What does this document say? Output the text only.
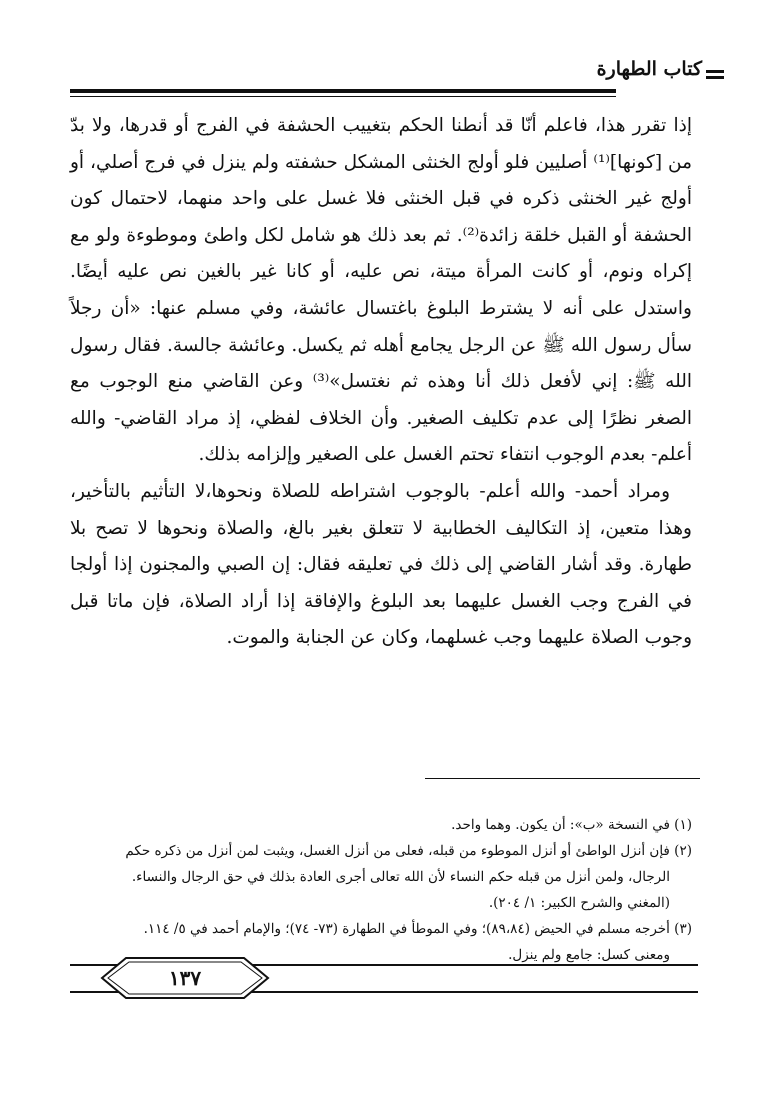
كتاب الطهارة

إذا تقرر هذا، فاعلم أنّا قد أنطنا الحكم بتغييب الحشفة في الفرج أو قدرها، ولا بدّ من [كونها]⁽¹⁾ أصليين فلو أولج الخنثى المشكل حشفته ولم ينزل في فرج أصلي، أو أولج غير الخنثى ذكره في قبل الخنثى فلا غسل على واحد منهما، لاحتمال كون الحشفة أو القبل خلقة زائدة⁽²⁾. ثم بعد ذلك هو شامل لكل واطئ وموطوءة ولو مع إكراه ونوم، أو كانت المرأة ميتة، نص عليه، أو كانا غير بالغين نص عليه أيضًا. واستدل على أنه لا يشترط البلوغ باغتسال عائشة، وفي مسلم عنها: «أن رجلاً سأل رسول الله ﷺ عن الرجل يجامع أهله ثم يكسل. وعائشة جالسة. فقال رسول الله ﷺ: إني لأفعل ذلك أنا وهذه ثم نغتسل»⁽³⁾ وعن القاضي منع الوجوب مع الصغر نظرًا إلى عدم تكليف الصغير. وأن الخلاف لفظي، إذ مراد القاضي- والله أعلم- بعدم الوجوب انتفاء تحتم الغسل على الصغير وإلزامه بذلك.

ومراد أحمد- والله أعلم- بالوجوب اشتراطه للصلاة ونحوها،لا التأثيم بالتأخير، وهذا متعين، إذ التكاليف الخطابية لا تتعلق بغير بالغ، والصلاة ونحوها لا تصح بلا طهارة. وقد أشار القاضي إلى ذلك في تعليقه فقال: إن الصبي والمجنون إذا أولجا في الفرج وجب الغسل عليهما بعد البلوغ والإفاقة إذا أراد الصلاة، فإن ماتا قبل وجوب الصلاة عليهما وجب غسلهما، وكان عن الجنابة والموت.

(١) في النسخة «ب»: أن يكون. وهما واحد.

(٢) فإن أنزل الواطئ أو أنزل الموطوء من قبله، فعلى من أنزل الغسل، ويثبت لمن أنزل من ذكره حكم

الرجال، ولمن أنزل من قبله حكم النساء لأن الله تعالى أجرى العادة بذلك في حق الرجال والنساء.

(المغني والشرح الكبير: ١/ ٢٠٤).

(٣) أخرجه مسلم في الحيض (٨٩،٨٤)؛ وفي الموطأ في الطهارة (٧٣- ٧٤)؛ والإمام أحمد في ٥/ ١١٤.

ومعنى كسل: جامع ولم ينزل.

١٣٧
